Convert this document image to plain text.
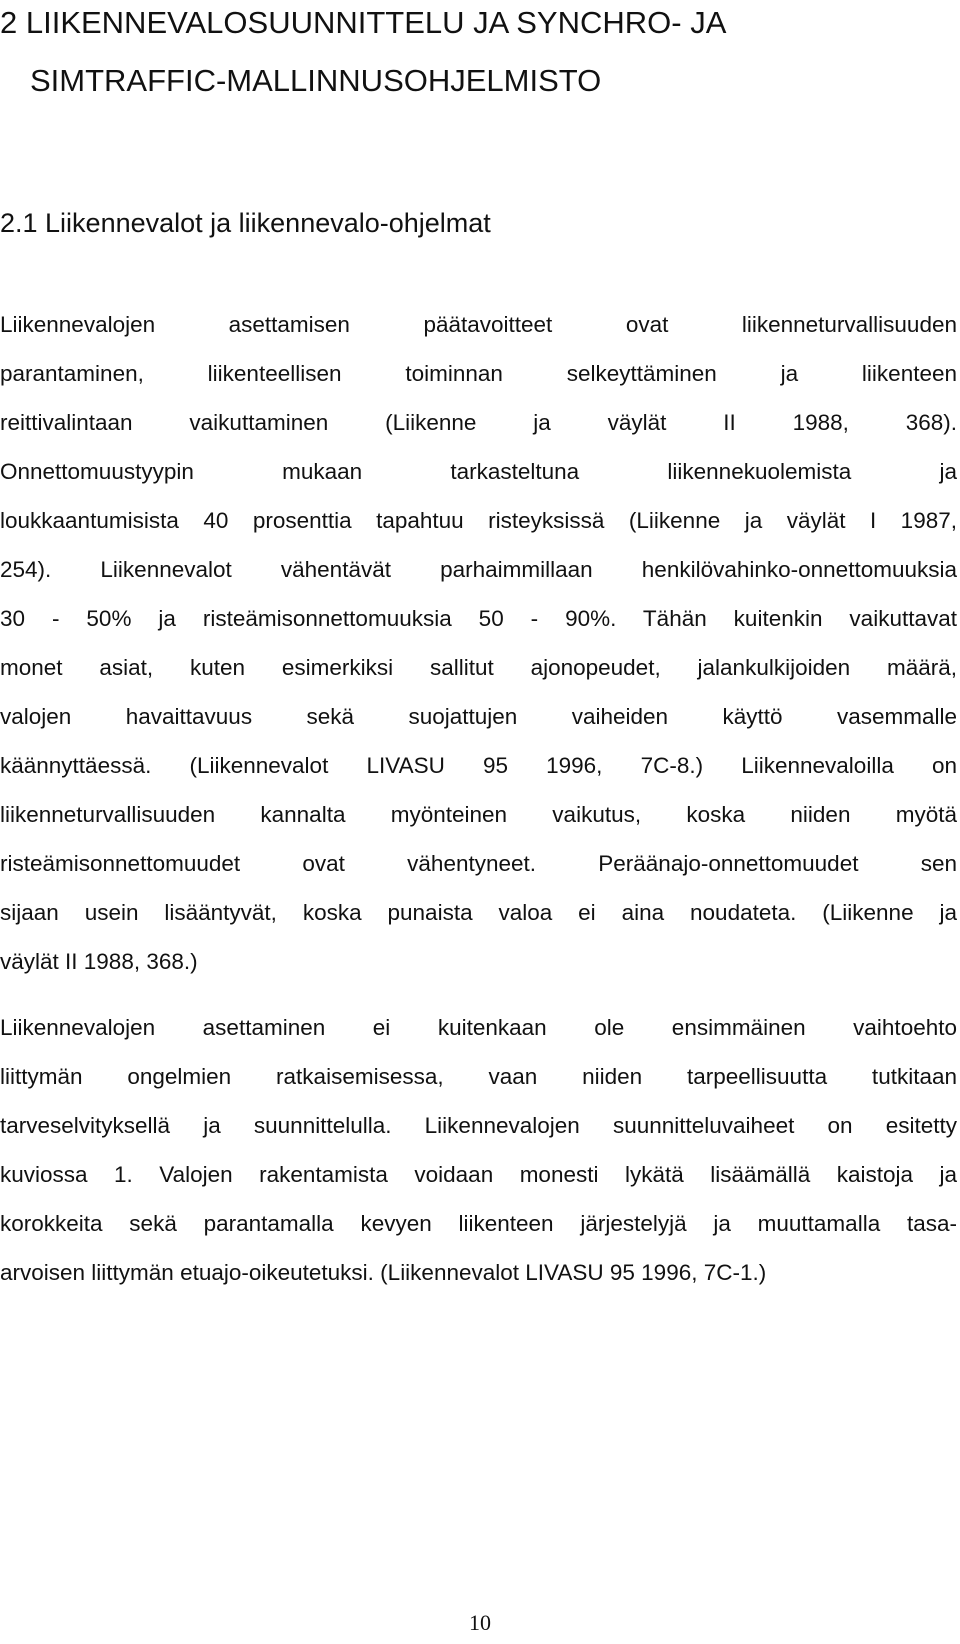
2 LIIKENNEVALOSUUNNITTELU JA SYNCHRO- JA
SIMTRAFFIC-MALLINNUSOHJELMISTO
2.1 Liikennevalot ja liikennevalo-ohjelmat

Liikennevalojen asettamisen päätavoitteet ovat liikenneturvallisuuden
parantaminen, liikenteellisen toiminnan selkeyttäminen ja liikenteen
reittivalintaan vaikuttaminen (Liikenne ja väylät II 1988, 368).
Onnettomuustyypin mukaan tarkasteltuna liikennekuolemista ja
loukkaantumisista 40 prosenttia tapahtuu risteyksissä (Liikenne ja väylät I 1987,
254). Liikennevalot vähentävät parhaimmillaan henkilövahinko-onnettomuuksia
30 - 50% ja risteämisonnettomuuksia 50 - 90%. Tähän kuitenkin vaikuttavat
monet asiat, kuten esimerkiksi sallitut ajonopeudet, jalankulkijoiden määrä,
valojen havaittavuus sekä suojattujen vaiheiden käyttö vasemmalle
käännyttäessä. (Liikennevalot LIVASU 95 1996, 7C-8.) Liikennevaloilla on
liikenneturvallisuuden kannalta myönteinen vaikutus, koska niiden myötä
risteämisonnettomuudet ovat vähentyneet. Peräänajo-onnettomuudet sen
sijaan usein lisääntyvät, koska punaista valoa ei aina noudateta. (Liikenne ja
väylät II 1988, 368.)

Liikennevalojen asettaminen ei kuitenkaan ole ensimmäinen vaihtoehto
liittymän ongelmien ratkaisemisessa, vaan niiden tarpeellisuutta tutkitaan
tarveselvityksellä ja suunnittelulla. Liikennevalojen suunnitteluvaiheet on esitetty
kuviossa 1. Valojen rakentamista voidaan monesti lykätä lisäämällä kaistoja ja
korokkeita sekä parantamalla kevyen liikenteen järjestelyjä ja muuttamalla tasa-
arvoisen liittymän etuajo-oikeutetuksi. (Liikennevalot LIVASU 95 1996, 7C-1.)

10
